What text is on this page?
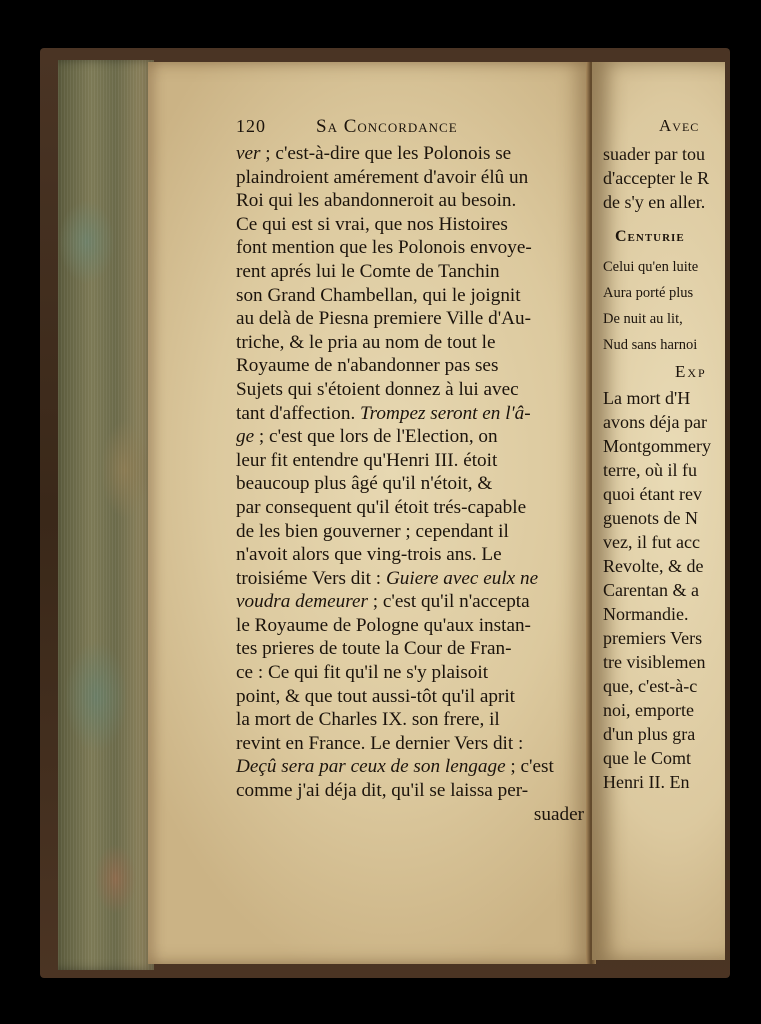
120	Sa Concordance
ver ; c'est-à-dire que les Polonois se
plaindroient amérement d'avoir élû un
Roi qui les abandonneroit au besoin.
Ce qui est si vrai, que nos Histoires
font mention que les Polonois envoye-
rent aprés lui le Comte de Tanchin
son Grand Chambellan, qui le joignit
au delà de Piesna premiere Ville d'Au-
triche, & le pria au nom de tout le
Royaume de n'abandonner pas ses
Sujets qui s'étoient donnez à lui avec
tant d'affection. Trompez seront en l'â-
ge ; c'est que lors de l'Election, on
leur fit entendre qu'Henri III. étoit
beaucoup plus âgé qu'il n'étoit, &
par consequent qu'il étoit trés-capable
de les bien gouverner ; cependant il
n'avoit alors que ving-trois ans. Le
troisiéme Vers dit : Guiere avec eulx ne
voudra demeurer ; c'est qu'il n'accepta
le Royaume de Pologne qu'aux instan-
tes prieres de toute la Cour de Fran-
ce : Ce qui fit qu'il ne s'y plaisoit
point, & que tout aussi-tôt qu'il aprit
la mort de Charles IX. son frere, il
revint en France. Le dernier Vers dit :
Deçû sera par ceux de son lengage ; c'est
comme j'ai déja dit, qu'il se laissa per-
suader
Avec
suader par tou
d'accepter le R
de s'y en aller.
Centurie
Celui qu'en luite
Aura porté plus
De nuit au lit,
Nud sans harnoi
Exp
La mort d'H
avons déja par
Montgommery
terre, où il fu
quoi étant rev
guenots de N
vez, il fut acc
Revolte, & de
Carentan & a
Normandie.
premiers Vers
tre visiblemen
que, c'est-à-c
noi, emporte
d'un plus gra
que le Comt
Henri II. En
